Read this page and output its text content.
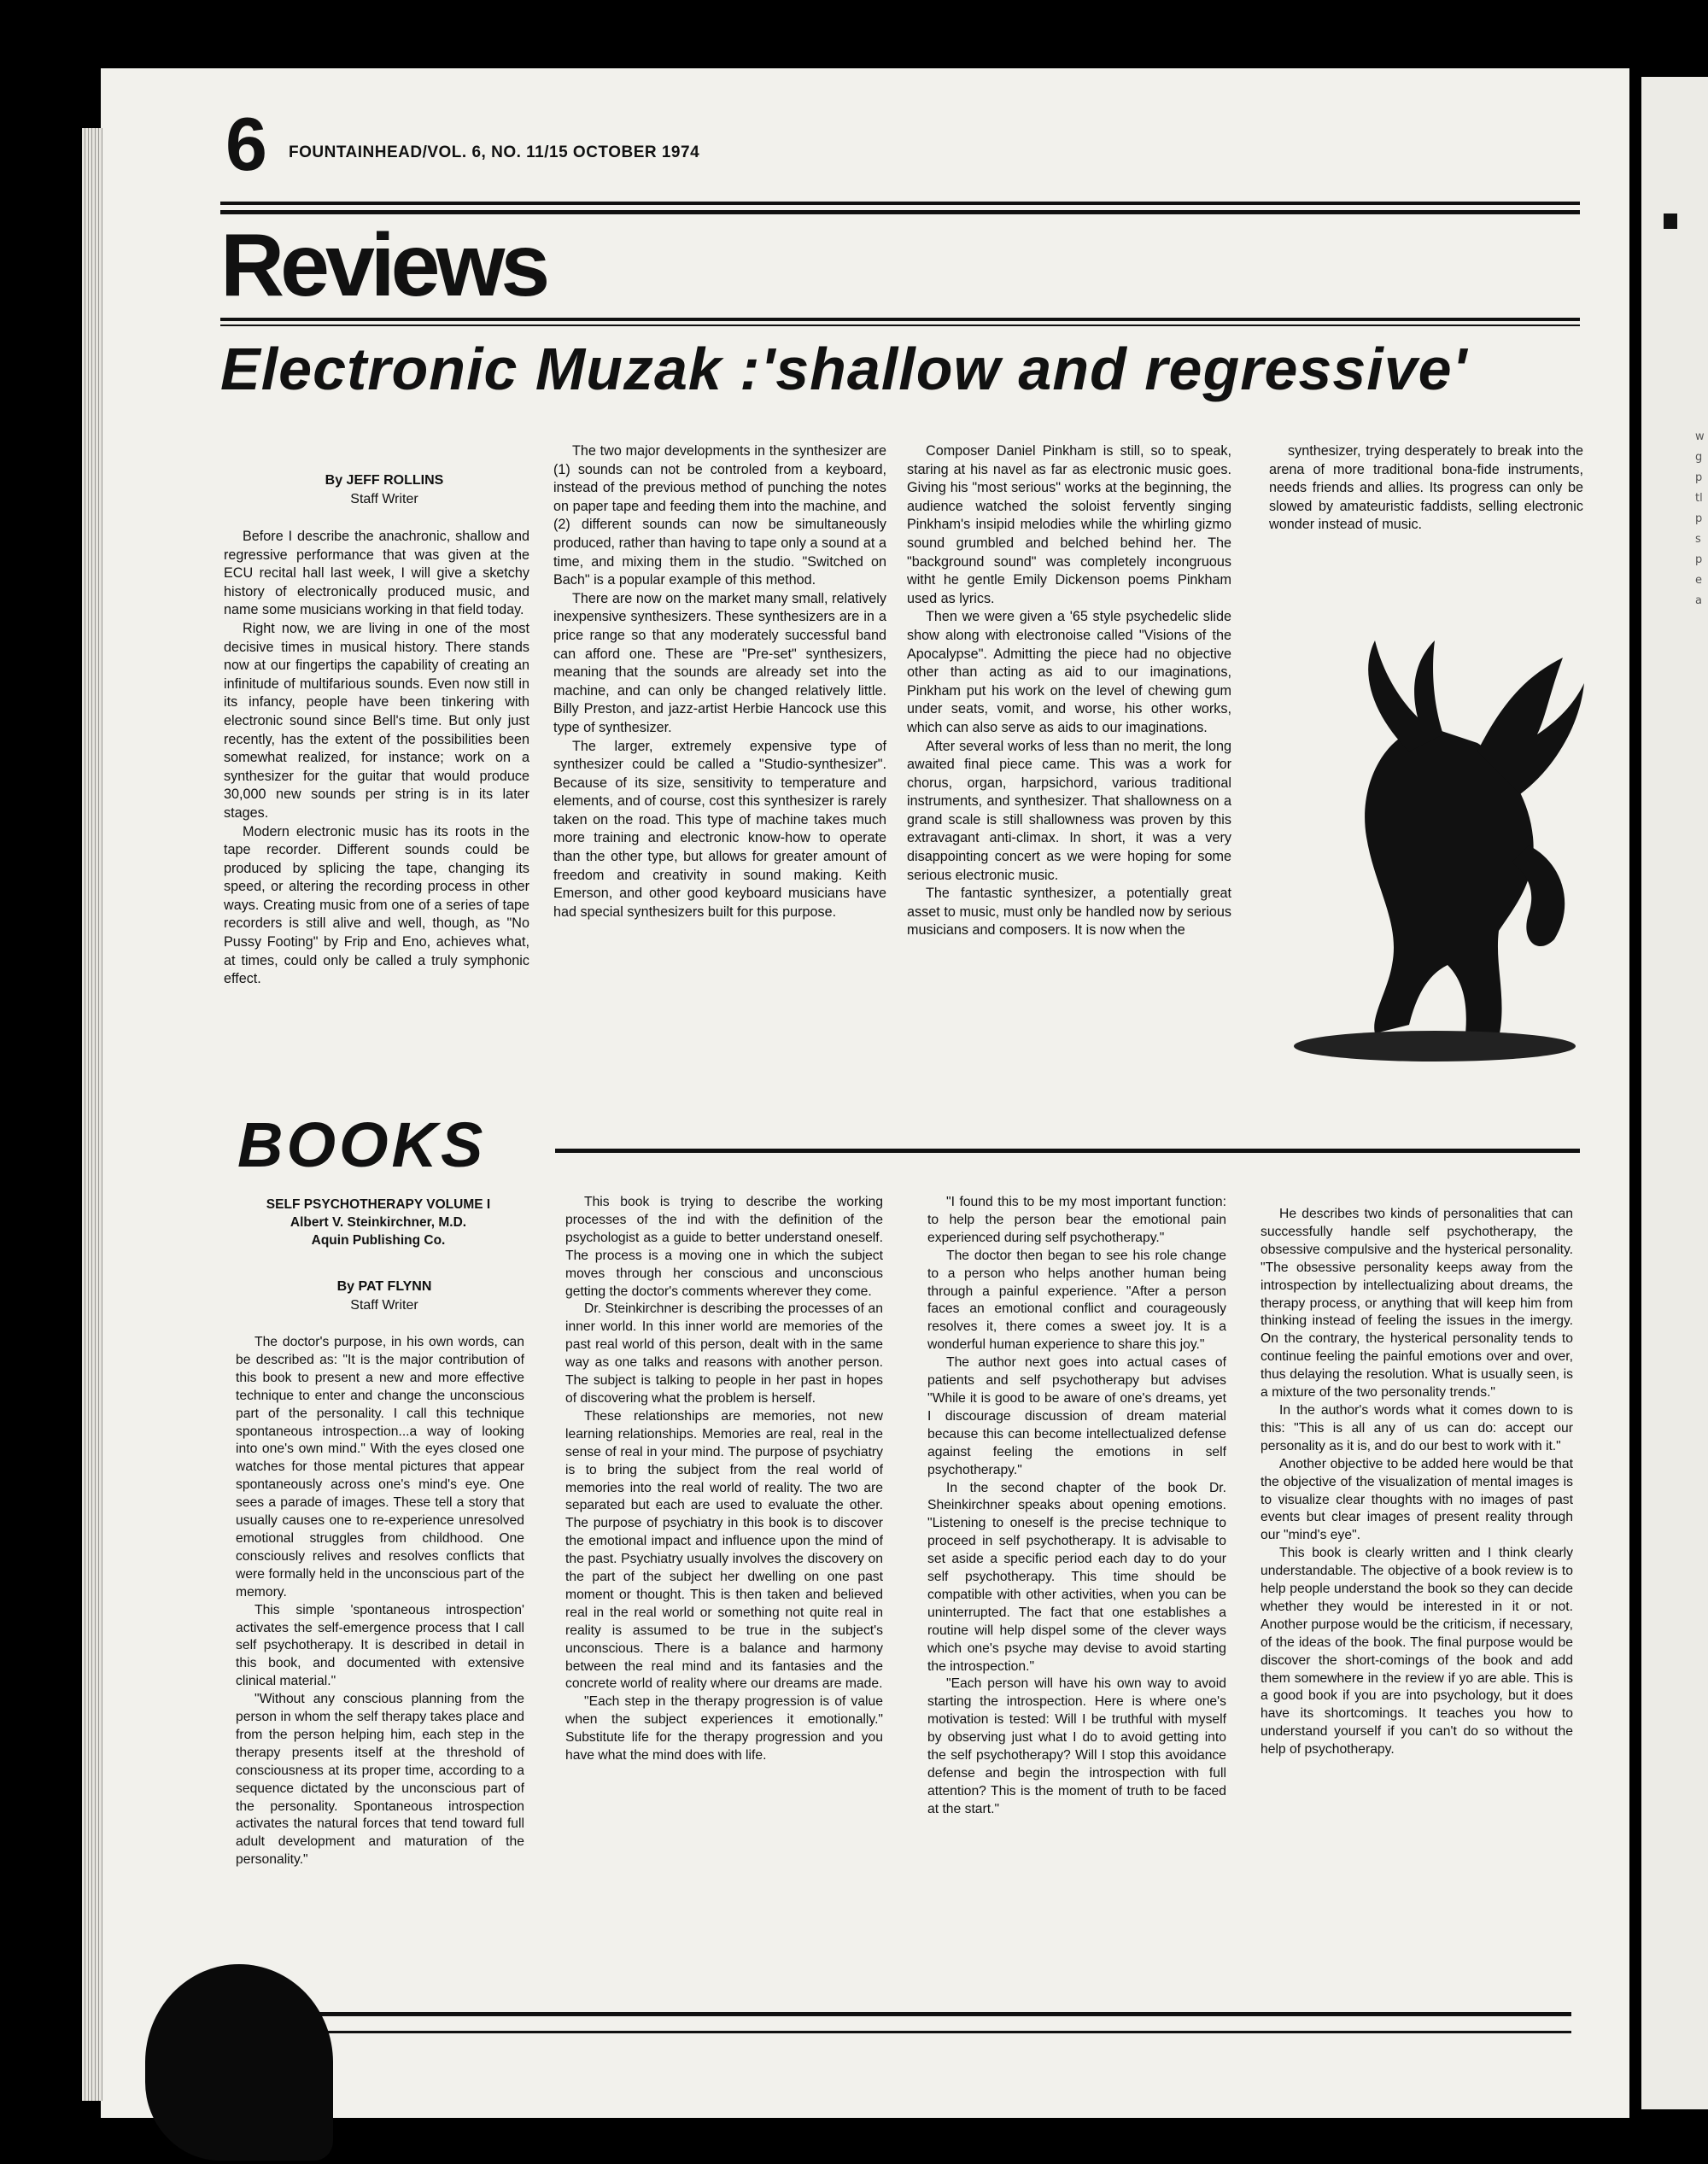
w
g
p
tl
p
s
p
e
a
6 FOUNTAINHEAD/VOL. 6, NO. 11/15 OCTOBER 1974
Reviews
Electronic Muzak :'shallow and regressive'
By JEFF ROLLINS
Staff Writer

Before I describe the anachronic, shallow and regressive performance that was given at the ECU recital hall last week, I will give a sketchy history of electronically produced music, and name some musicians working in that field today.

Right now, we are living in one of the most decisive times in musical history. There stands now at our fingertips the capability of creating an infinitude of multifarious sounds. Even now still in its infancy, people have been tinkering with electronic sound since Bell's time. But only just recently, has the extent of the possibilities been somewhat realized, for instance; work on a synthesizer for the guitar that would produce 30,000 new sounds per string is in its later stages.

Modern electronic music has its roots in the tape recorder. Different sounds could be produced by splicing the tape, changing its speed, or altering the recording process in other ways. Creating music from one of a series of tape recorders is still alive and well, though, as "No Pussy Footing" by Frip and Eno, achieves what, at times, could only be called a truly symphonic effect.

The two major developments in the synthesizer are (1) sounds can not be controled from a keyboard, instead of the previous method of punching the notes on paper tape and feeding them into the machine, and (2) different sounds can now be simultaneously produced, rather than having to tape only a sound at a time, and mixing them in the studio. "Switched on Bach" is a popular example of this method.

There are now on the market many small, relatively inexpensive synthesizers. These synthesizers are in a price range so that any moderately successful band can afford one. These are "Pre-set" synthesizers, meaning that the sounds are already set into the machine, and can only be changed relatively little. Billy Preston, and jazz-artist Herbie Hancock use this type of synthesizer.

The larger, extremely expensive type of synthesizer could be called a "Studio-synthesizer". Because of its size, sensitivity to temperature and elements, and of course, cost this synthesizer is rarely taken on the road. This type of machine takes much more training and electronic know-how to operate than the other type, but allows for greater amount of freedom and creativity in sound making. Keith Emerson, and other good keyboard musicians have had special synthesizers built for this purpose.

Composer Daniel Pinkham is still, so to speak, staring at his navel as far as electronic music goes. Giving his "most serious" works at the beginning, the audience watched the soloist fervently singing Pinkham's insipid melodies while the whirling gizmo sound grumbled and belched behind her. The "background sound" was completely incongruous witht he gentle Emily Dickenson poems Pinkham used as lyrics.

Then we were given a '65 style psychedelic slide show along with electronoise called "Visions of the Apocalypse". Admitting the piece had no objective other than acting as aid to our imaginations, Pinkham put his work on the level of chewing gum under seats, vomit, and worse, his other works, which can also serve as aids to our imaginations.

After several works of less than no merit, the long awaited final piece came. This was a work for chorus, organ, harpsichord, various traditional instruments, and synthesizer. That shallowness on a grand scale is still shallowness was proven by this extravagant anti-climax. In short, it was a very disappointing concert as we were hoping for some serious electronic music.

The fantastic synthesizer, a potentially great asset to music, must only be handled now by serious musicians and composers. It is now when the

synthesizer, trying desperately to break into the arena of more traditional bona-fide instruments, needs friends and allies. Its progress can only be slowed by amateuristic faddists, selling electronic wonder instead of music.

BOOKS
SELF PSYCHOTHERAPY VOLUME I
Albert V. Steinkirchner, M.D.
Aquin Publishing Co.
By PAT FLYNN
Staff Writer

The doctor's purpose, in his own words, can be described as: "It is the major contribution of this book to present a new and more effective technique to enter and change the unconscious part of the personality. I call this technique spontaneous introspection...a way of looking into one's own mind." With the eyes closed one watches for those mental pictures that appear spontaneously across one's mind's eye. One sees a parade of images. These tell a story that usually causes one to re-experience unresolved emotional struggles from childhood. One consciously relives and resolves conflicts that were formally held in the unconscious part of the memory.

This simple 'spontaneous introspection' activates the self-emergence process that I call self psychotherapy. It is described in detail in this book, and documented with extensive clinical material."

"Without any conscious planning from the person in whom the self therapy takes place and from the person helping him, each step in the therapy presents itself at the threshold of consciousness at its proper time, according to a sequence dictated by the unconscious part of the personality. Spontaneous introspection activates the natural forces that tend toward full adult development and maturation of the personality."

This book is trying to describe the working processes of the ind with the definition of the psychologist as a guide to better understand oneself. The process is a moving one in which the subject moves through her conscious and unconscious getting the doctor's comments wherever they come.

Dr. Steinkirchner is describing the processes of an inner world. In this inner world are memories of the past real world of this person, dealt with in the same way as one talks and reasons with another person. The subject is talking to people in her past in hopes of discovering what the problem is herself.

These relationships are memories, not new learning relationships. Memories are real, real in the sense of real in your mind. The purpose of psychiatry is to bring the subject from the real world of memories into the real world of reality. The two are separated but each are used to evaluate the other. The purpose of psychiatry in this book is to discover the emotional impact and influence upon the mind of the past. Psychiatry usually involves the discovery on the part of the subject her dwelling on one past moment or thought. This is then taken and believed real in the real world or something not quite real in reality is assumed to be true in the subject's unconscious. There is a balance and harmony between the real mind and its fantasies and the concrete world of reality where our dreams are made.

"Each step in the therapy progression is of value when the subject experiences it emotionally." Substitute life for the therapy progression and you have what the mind does with life.

"I found this to be my most important function: to help the person bear the emotional pain experienced during self psychotherapy."

The doctor then began to see his role change to a person who helps another human being through a painful experience. "After a person faces an emotional conflict and courageously resolves it, there comes a sweet joy. It is a wonderful human experience to share this joy."

The author next goes into actual cases of patients and self psychotherapy but advises "While it is good to be aware of one's dreams, yet I discourage discussion of dream material because this can become intellectualized defense against feeling the emotions in self psychotherapy."

In the second chapter of the book Dr. Sheinkirchner speaks about opening emotions. "Listening to oneself is the precise technique to proceed in self psychotherapy. It is advisable to set aside a specific period each day to do your self psychotherapy. This time should be compatible with other activities, when you can be uninterrupted. The fact that one establishes a routine will help dispel some of the clever ways which one's psyche may devise to avoid starting the introspection."

"Each person will have his own way to avoid starting the introspection. Here is where one's motivation is tested: Will I be truthful with myself by observing just what I do to avoid getting into the self psychotherapy? Will I stop this avoidance defense and begin the introspection with full attention? This is the moment of truth to be faced at the start."

He describes two kinds of personalities that can successfully handle self psychotherapy, the obsessive compulsive and the hysterical personality. "The obsessive personality keeps away from the introspection by intellectualizing about dreams, the therapy process, or anything that will keep him from thinking instead of feeling the issues in the imergy. On the contrary, the hysterical personality tends to continue feeling the painful emotions over and over, thus delaying the resolution. What is usually seen, is a mixture of the two personality trends."

In the author's words what it comes down to is this: "This is all any of us can do: accept our personality as it is, and do our best to work with it."

Another objective to be added here would be that the objective of the visualization of mental images is to visualize clear thoughts with no images of past events but clear images of present reality through our "mind's eye".

This book is clearly written and I think clearly understandable. The objective of a book review is to help people understand the book so they can decide whether they would be interested in it or not. Another purpose would be the criticism, if necessary, of the ideas of the book. The final purpose would be discover the short-comings of the book and add them somewhere in the review if yo are able. This is a good book if you are into psychology, but it does have its shortcomings. It teaches you how to understand yourself if you can't do so without the help of psychotherapy.
